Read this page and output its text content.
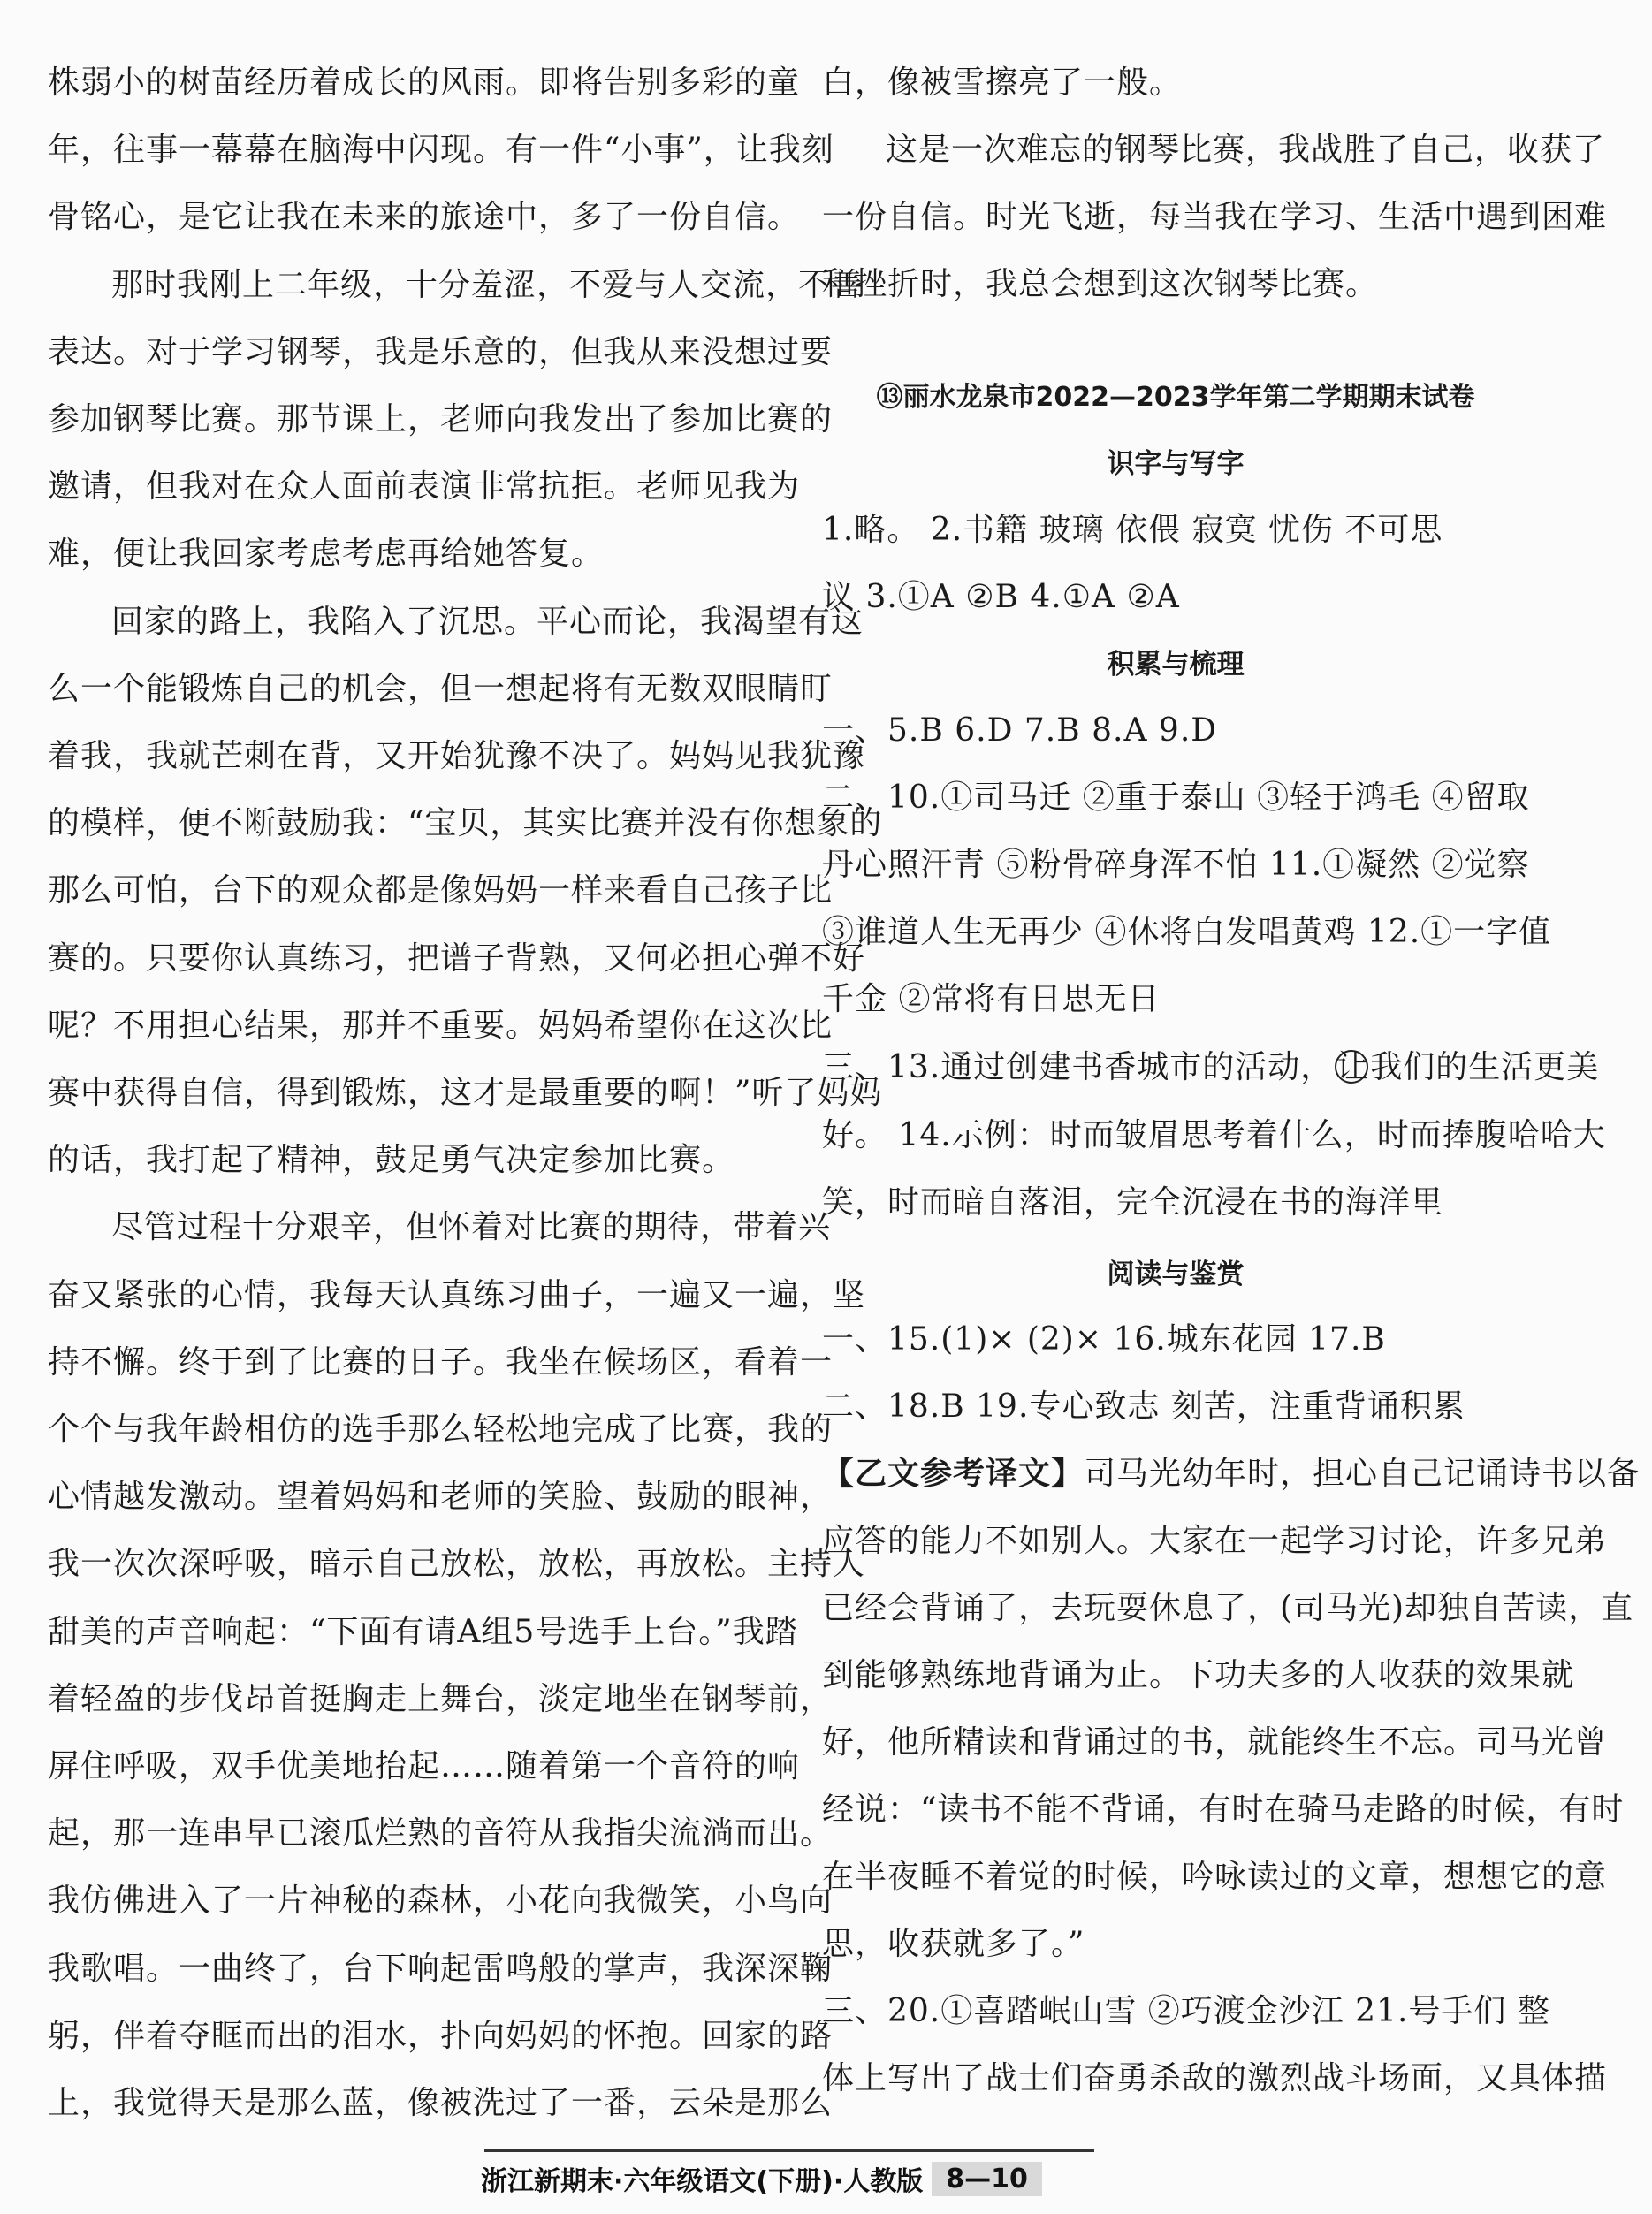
株弱小的树苗经历着成长的风雨。即将告别多彩的童
年，往事一幕幕在脑海中闪现。有一件“小事”，让我刻
骨铭心，是它让我在未来的旅途中，多了一份自信。
那时我刚上二年级，十分羞涩，不爱与人交流，不善
表达。对于学习钢琴，我是乐意的，但我从来没想过要
参加钢琴比赛。那节课上，老师向我发出了参加比赛的
邀请，但我对在众人面前表演非常抗拒。老师见我为
难，便让我回家考虑考虑再给她答复。
回家的路上，我陷入了沉思。平心而论，我渴望有这
么一个能锻炼自己的机会，但一想起将有无数双眼睛盯
着我，我就芒刺在背，又开始犹豫不决了。妈妈见我犹豫
的模样，便不断鼓励我：“宝贝，其实比赛并没有你想象的
那么可怕，台下的观众都是像妈妈一样来看自己孩子比
赛的。只要你认真练习，把谱子背熟，又何必担心弹不好
呢？不用担心结果，那并不重要。妈妈希望你在这次比
赛中获得自信，得到锻炼，这才是最重要的啊！”听了妈妈
的话，我打起了精神，鼓足勇气决定参加比赛。
尽管过程十分艰辛，但怀着对比赛的期待，带着兴
奋又紧张的心情，我每天认真练习曲子，一遍又一遍，坚
持不懈。终于到了比赛的日子。我坐在候场区，看着一
个个与我年龄相仿的选手那么轻松地完成了比赛，我的
心情越发激动。望着妈妈和老师的笑脸、鼓励的眼神，
我一次次深呼吸，暗示自己放松，放松，再放松。主持人
甜美的声音响起：“下面有请A组5号选手上台。”我踏
着轻盈的步伐昂首挺胸走上舞台，淡定地坐在钢琴前，
屏住呼吸，双手优美地抬起……随着第一个音符的响
起，那一连串早已滚瓜烂熟的音符从我指尖流淌而出。
我仿佛进入了一片神秘的森林，小花向我微笑，小鸟向
我歌唱。一曲终了，台下响起雷鸣般的掌声，我深深鞠
躬，伴着夺眶而出的泪水，扑向妈妈的怀抱。回家的路
上，我觉得天是那么蓝，像被洗过了一番，云朵是那么
白，像被雪擦亮了一般。
这是一次难忘的钢琴比赛，我战胜了自己，收获了
一份自信。时光飞逝，每当我在学习、生活中遇到困难
和挫折时，我总会想到这次钢琴比赛。
⑬丽水龙泉市2022—2023学年第二学期期末试卷
识字与写字
1.略。 2.书籍 玻璃 依偎 寂寞 忧伤 不可思
议 3.①A ②B 4.①A ②A
积累与梳理
一、5.B 6.D 7.B 8.A 9.D
二、10.①司马迁 ②重于泰山 ③轻于鸿毛 ④留取
丹心照汗青 ⑤粉骨碎身浑不怕 11.①凝然 ②觉察
③谁道人生无再少 ④休将白发唱黄鸡 12.①一字值
千金 ②常将有日思无日
三、13.通过创建书香城市的活动， 让我们的生活更美
好。 14.示例：时而皱眉思考着什么，时而捧腹哈哈大
笑，时而暗自落泪，完全沉浸在书的海洋里
阅读与鉴赏
一、15.(1)× (2)× 16.城东花园 17.B
二、18.B 19.专心致志 刻苦，注重背诵积累
【乙文参考译文】司马光幼年时，担心自己记诵诗书以备
应答的能力不如别人。大家在一起学习讨论，许多兄弟
已经会背诵了，去玩耍休息了，(司马光)却独自苦读，直
到能够熟练地背诵为止。下功夫多的人收获的效果就
好，他所精读和背诵过的书，就能终生不忘。司马光曾
经说：“读书不能不背诵，有时在骑马走路的时候，有时
在半夜睡不着觉的时候，吟咏读过的文章，想想它的意
思，收获就多了。”
三、20.①喜踏岷山雪 ②巧渡金沙江 21.号手们 整
体上写出了战士们奋勇杀敌的激烈战斗场面，又具体描
浙江新期末·六年级语文(下册)·人教版 8—10
